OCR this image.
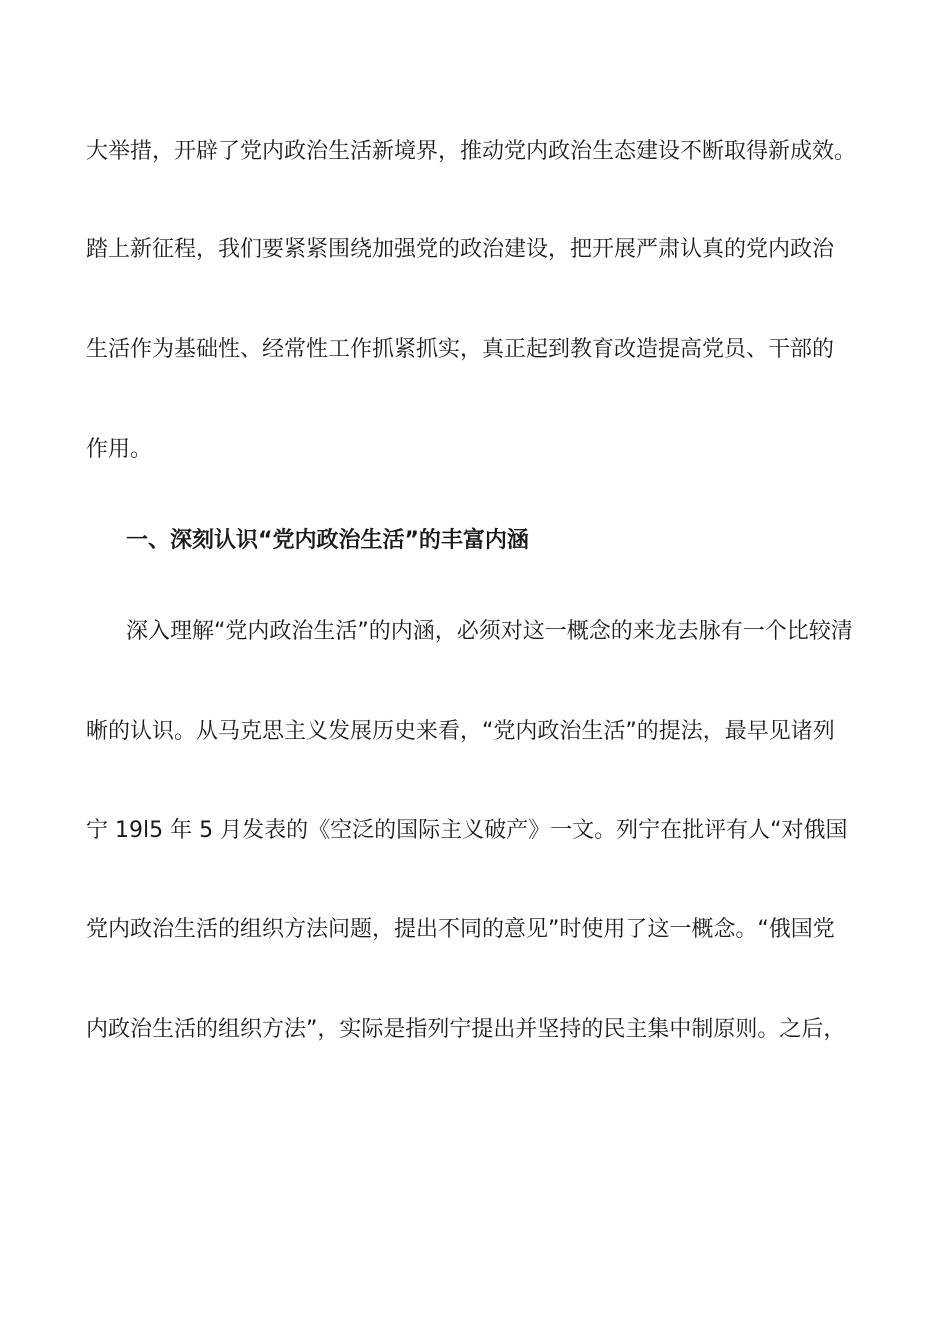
大举措，开辟了党内政治生活新境界，推动党内政治生态建设不断取得新成效。
踏上新征程，我们要紧紧围绕加强党的政治建设，把开展严肃认真的党内政治
生活作为基础性、经常性工作抓紧抓实，真正起到教育改造提高党员、干部的
作用。
一、深刻认识“党内政治生活”的丰富内涵
深入理解“党内政治生活”的内涵，必须对这一概念的来龙去脉有一个比较清
晰的认识。从马克思主义发展历史来看，“党内政治生活”的提法，最早见诸列
宁 19l5 年 5 月发表的《空泛的国际主义破产》一文。列宁在批评有人“对俄国
党内政治生活的组织方法问题，提出不同的意见”时使用了这一概念。“俄国党
内政治生活的组织方法”，实际是指列宁提出并坚持的民主集中制原则。之后，
